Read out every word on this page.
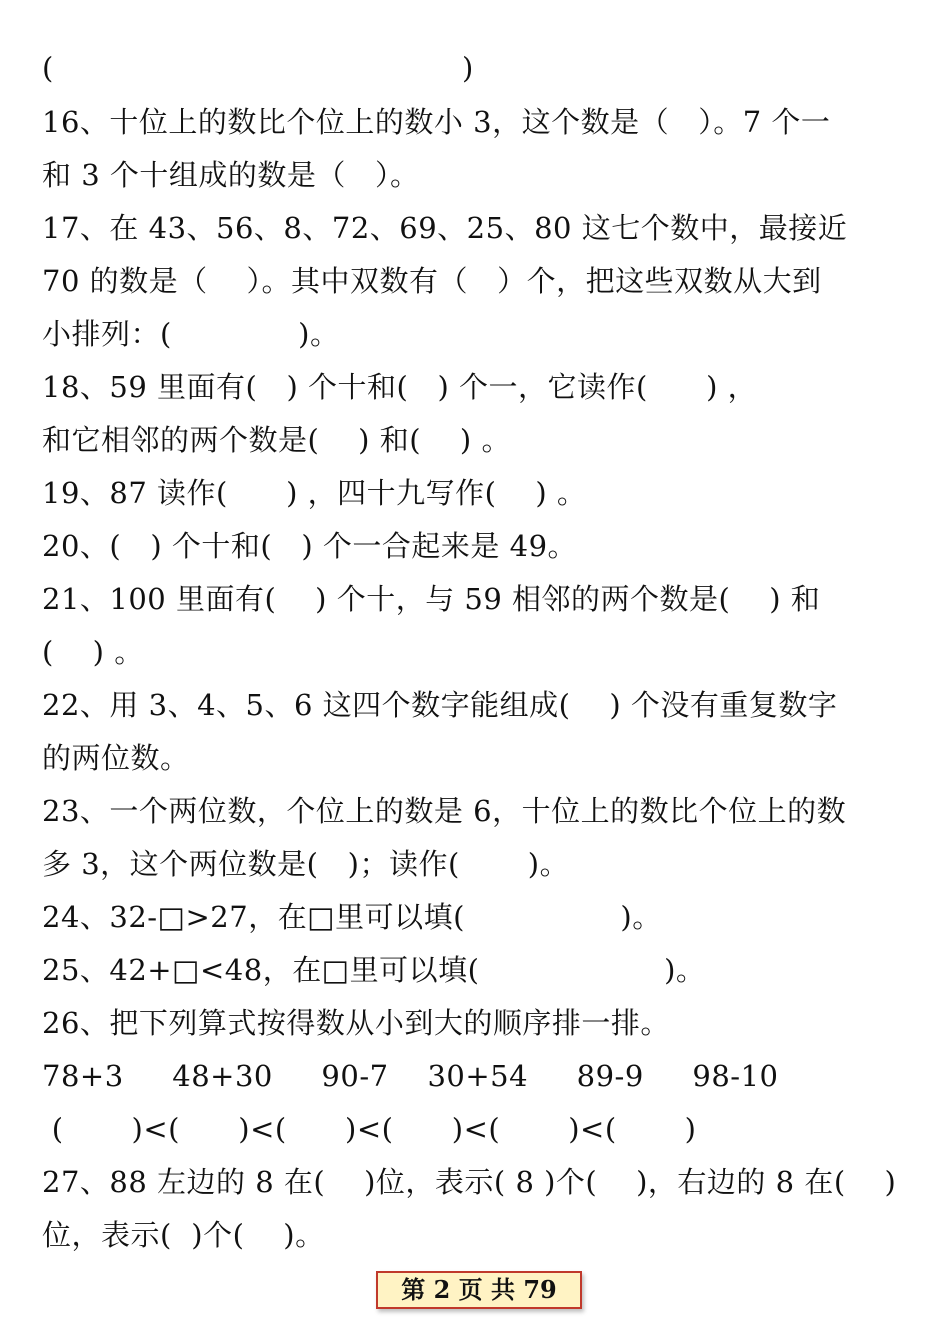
(                                          )
16、十位上的数比个位上的数小 3，这个数是（   ）。7 个一
和 3 个十组成的数是（   ）。
17、在 43、56、8、72、69、25、80 这七个数中，最接近
70 的数是（    ）。其中双数有（   ）个，把这些双数从大到
小排列：(             )。
18、59 里面有(   ) 个十和(   ) 个一，它读作(      ) ，
和它相邻的两个数是(    ) 和(    ) 。
19、87 读作(      ) ，四十九写作(    ) 。
20、(   ) 个十和(   ) 个一合起来是 49。
21、100 里面有(    ) 个十，与 59 相邻的两个数是(    ) 和
(    ) 。
22、用 3、4、5、6 这四个数字能组成(    ) 个没有重复数字
的两位数。
23、一个两位数，个位上的数是 6，十位上的数比个位上的数
多 3，这个两位数是(   )；读作(       )。
24、32-□>27，在□里可以填(                )。
25、42+□<48，在□里可以填(                   )。
26、把下列算式按得数从小到大的顺序排一排。
78+3     48+30     90-7    30+54     89-9     98-10
(       )<(      )<(      )<(      )<(       )<(       )
27、88 左边的 8 在(    )位，表示( 8 )个(    )，右边的 8 在(    )
位，表示(  )个(    )。
第 2 页 共 79
